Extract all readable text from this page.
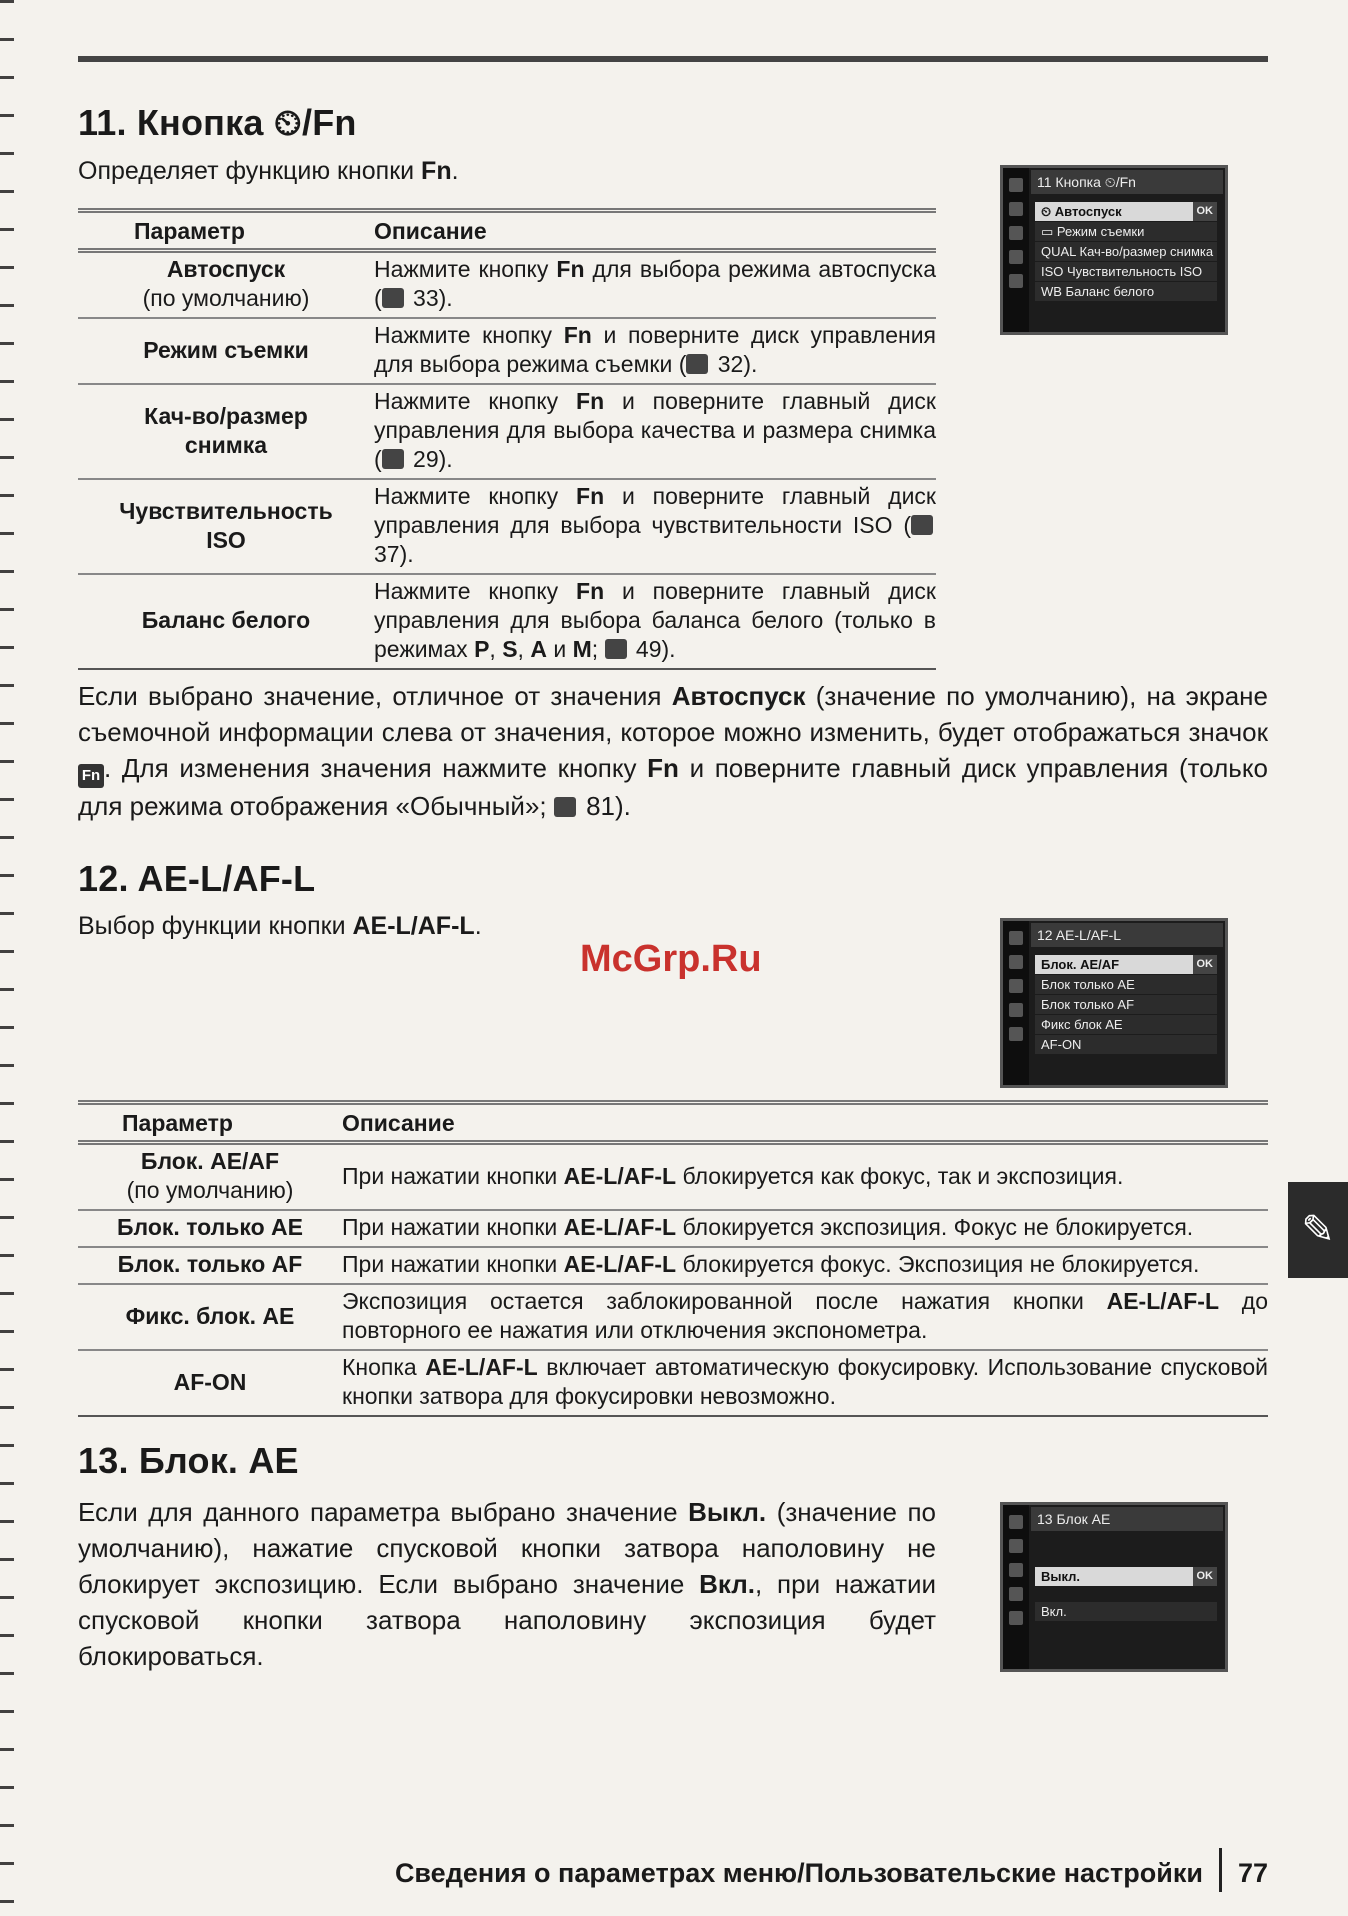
11. Кнопка ⏲/Fn
Определяет функцию кнопки Fn.
Параметр	Описание

Автоспуск
(по умолчанию)	Нажмите кнопку Fn для выбора режима автоспуска ( 33).

Режим съемки	Нажмите кнопку Fn и поверните диск управления для выбора режима съемки ( 32).

Кач-во/размер
снимка	Нажмите кнопку Fn и поверните главный диск управления для выбора качества и размера снимка ( 29).

Чувствительность
ISO	Нажмите кнопку Fn и поверните главный диск управления для выбора чувствительности ISO ( 37).

Баланс белого	Нажмите кнопку Fn и поверните главный диск управления для выбора баланса белого (только в режимах P, S, A и M;  49).
11 Кнопка ⏲/Fn
⏲ Автоспуск	OK
▭ Режим съемки
QUAL Кач-во/размер снимка
ISO Чувствительность ISO
WB Баланс белого
Если выбрано значение, отличное от значения Автоспуск (значение по умолчанию), на экране съемочной информации слева от значения, которое можно изменить, будет отображаться значок Fn . Для изменения значения нажмите кнопку Fn и поверните главный диск управления (только для режима отображения «Обычный»;  81).
12. AE-L/AF-L
Выбор функции кнопки AE-L/AF-L.	12 AE-L/AF-L
Блок. AE/AF	OK
Блок только AE
Блок только AF
Фикс блок AE
AF-ON
Параметр	Описание

Блок. AE/AF
(по умолчанию)	При нажатии кнопки AE-L/AF-L блокируется как фокус, так и экспозиция.

Блок. только AE	При нажатии кнопки AE-L/AF-L блокируется экспозиция. Фокус не блокируется.

Блок. только AF	При нажатии кнопки AE-L/AF-L блокируется фокус. Экспозиция не блокируется.

Фикс. блок. AE	Экспозиция остается заблокированной после нажатия кнопки AE-L/AF-L до повторного ее нажатия или отключения экспонометра.

AF-ON	Кнопка AE-L/AF-L включает автоматическую фокусировку. Использование спусковой кнопки затвора для фокусировки невозможно.
13. Блок. AE
Если для данного параметра выбрано значение Выкл. (значение по умолчанию), нажатие спусковой кнопки затвора наполовину не блокирует экспозицию. Если выбрано значение Вкл., при нажатии спусковой кнопки затвора наполовину экспозиция будет блокироваться.
13 Блок AE
Выкл.	OK
Вкл.
✎
McGrp.Ru
Сведения о параметрах меню/Пользовательские настройки 77
